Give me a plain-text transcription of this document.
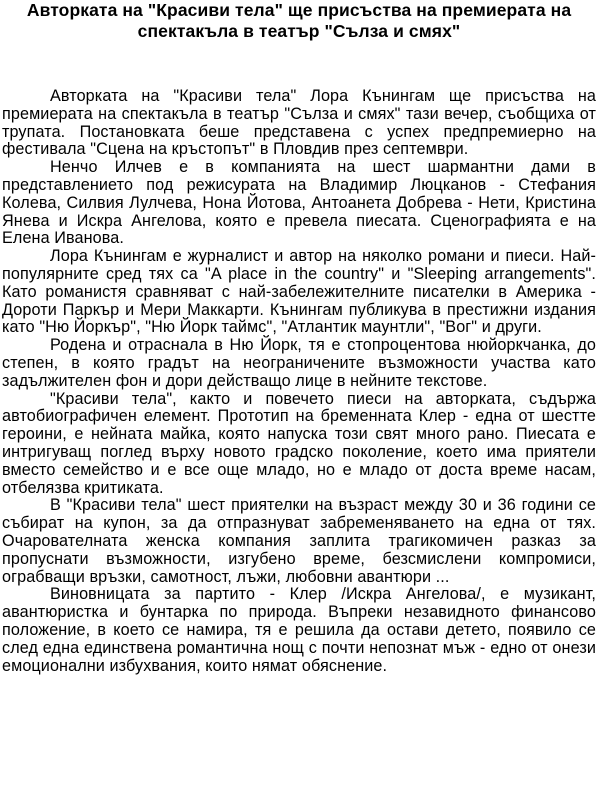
Авторката на "Красиви тела" ще присъства на премиерата на спектакъла в театър "Сълза и смях"

Авторката на "Красиви тела" Лора Кънингам ще присъства на премиерата на спектакъла в театър "Сълза и смях" тази вечер, съобщиха от трупата. Постановката беше представена с успех предпремиерно на фестивала "Сцена на кръстопът" в Пловдив през септември.

Ненчо Илчев е в компанията на шест шармантни дами в представлението под режисурата на Владимир Люцканов - Стефания Колева, Силвия Лулчева, Нона Йотова, Антоанета Добрева - Нети, Кристина Янева и Искра Ангелова, която е превела пиесата. Сценографията е на Елена Иванова.

Лора Кънингам е журналист и автор на няколко романи и пиеси. Най-популярните сред тях са "A place in the country" и "Sleeping arrangements". Като романистя сравняват с най-забележителните писателки в Америка - Дороти Паркър и Мери Маккарти. Кънингам публикува в престижни издания като "Ню Йоркър", "Ню Йорк таймс", "Атлантик маунтли", "Вог" и други.

Родена и отрасналa в Ню Йорк, тя е стопроцентова нюйоркчанка, до степен, в която градът на неограничените възможности участва като задължителен фон и дори действащо лице в нейните текстове.

"Красиви тела", както и повечето пиеси на авторката, съдържа автобиографичен елемент. Прототип на бременната Клер - една от шестте героини, е нейната майка, която напуска този свят много рано. Пиесата е интригуващ поглед върху новото градско поколение, което има приятели вместо семейство и е все още младо, но е младо от доста време насам, отбелязва критиката.

В "Красиви тела" шест приятелки на възраст между 30 и 36 години се събират на купон, за да отпразнуват забременяването на една от тях. Очарователната женска компания заплита трагикомичен разказ за пропуснати възможности, изгубено време, безсмислени компромиси, ограбващи връзки, самотност, лъжи, любовни авантюри ...

Виновницата за партито - Клер /Искра Ангелова/, е музикант, авантюристка и бунтарка по природа. Въпреки незавидното финансово положение, в което се намира, тя е решила да остави детето, появило се след една единствена романтична нощ с почти непознат мъж - едно от онези емоционални избухвания, които нямат обяснение.
